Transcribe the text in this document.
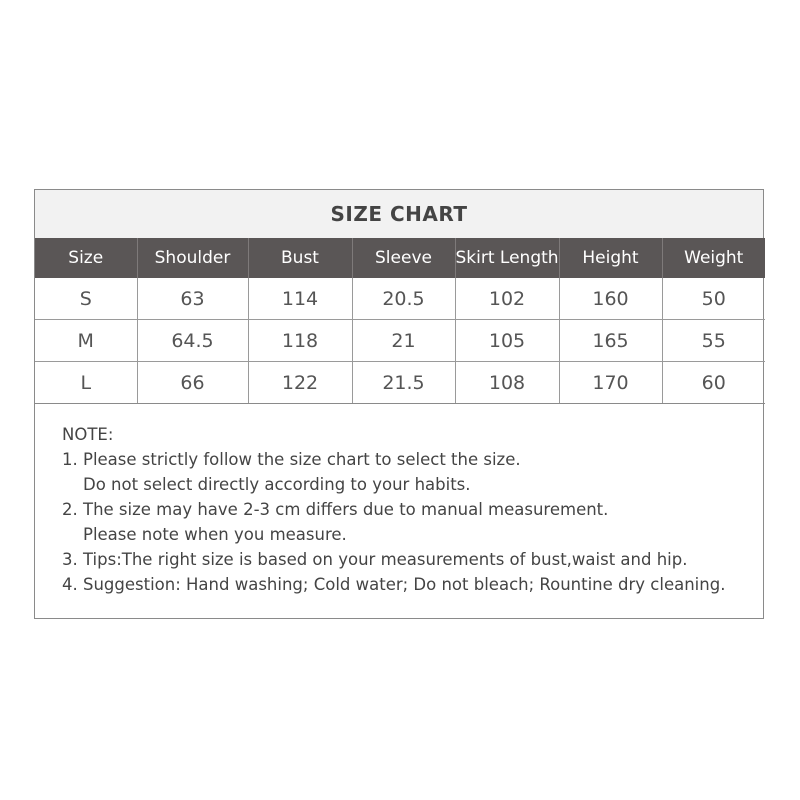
SIZE CHART
Size	Shoulder	Bust	Sleeve	Skirt Length	Height	Weight
S	63	114	20.5	102	160	50
M	64.5	118	21	105	165	55
L	66	122	21.5	108	170	60
NOTE:
1. Please strictly follow the size chart to select the size.
Do not select directly according to your habits.
2. The size may have 2-3 cm differs due to manual measurement.
Please note when you measure.
3. Tips:The right size is based on your measurements of bust,waist and hip.
4. Suggestion: Hand washing; Cold water; Do not bleach; Rountine dry cleaning.
